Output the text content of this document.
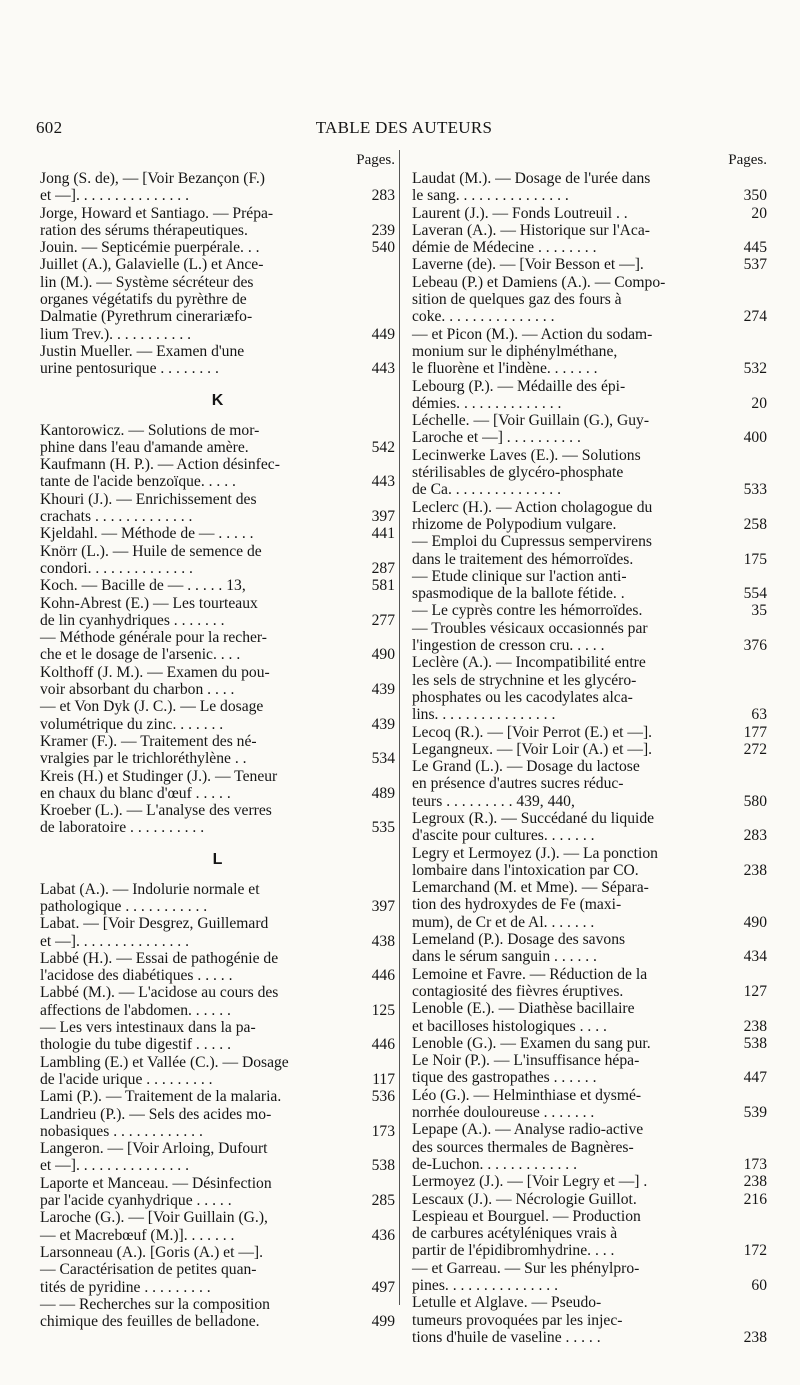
602	TABLE DES AUTEURS
Pages.
Jong (S. de), — [Voir Bezançon (F.)
283
et —]. . . . . . . . . . . . . . .
Jorge, Howard et Santiago. — Prépa-
239
ration des sérums thérapeutiques.
540
Jouin. — Septicémie puerpérale. . .
Juillet (A.), Galavielle (L.) et Ance-
lin (M.). — Système sécréteur des
organes végétatifs du pyrèthre de
Dalmatie (Pyrethrum cinerariæfo-
449
lium Trev.). . . . . . . . . . .
Justin Mueller. — Examen d'une
443
urine pentosurique . . . . . . . .
K
Kantorowicz. — Solutions de mor-
542
phine dans l'eau d'amande amère.
Kaufmann (H. P.). — Action désinfec-
443
tante de l'acide benzoïque. . . . .
Khouri (J.). — Enrichissement des
397
crachats . . . . . . . . . . . . .
441
Kjeldahl. — Méthode de — . . . . .
Knörr (L.). — Huile de semence de
287
condori. . . . . . . . . . . . . .
581
Koch. — Bacille de — . . . . . 13,
Kohn-Abrest (E.) — Les tourteaux
277
de lin cyanhydriques . . . . . . .
— Méthode générale pour la recher-
490
che et le dosage de l'arsenic. . . .
Kolthoff (J. M.). — Examen du pou-
439
voir absorbant du charbon . . . .
— et Von Dyk (J. C.). — Le dosage
439
volumétrique du zinc. . . . . . .
Kramer (F.). — Traitement des né-
534
vralgies par le trichloréthylène . .
Kreis (H.) et Studinger (J.). — Teneur
489
en chaux du blanc d'œuf . . . . .
Kroeber (L.). — L'analyse des verres
535
de laboratoire . . . . . . . . . .
L
Labat (A.). — Indolurie normale et
397
pathologique . . . . . . . . . . .
Labat. — [Voir Desgrez, Guillemard
438
et —]. . . . . . . . . . . . . . .
Labbé (H.). — Essai de pathogénie de
446
l'acidose des diabétiques . . . . .
Labbé (M.). — L'acidose au cours des
125
affections de l'abdomen. . . . . .
— Les vers intestinaux dans la pa-
446
thologie du tube digestif . . . . .
Lambling (E.) et Vallée (C.). — Dosage
117
de l'acide urique . . . . . . . . .
536
Lami (P.). — Traitement de la malaria.
Landrieu (P.). — Sels des acides mo-
173
nobasiques . . . . . . . . . . . .
Langeron. — [Voir Arloing, Dufourt
538
et —]. . . . . . . . . . . . . . .
Laporte et Manceau. — Désinfection
285
par l'acide cyanhydrique . . . . .
Laroche (G.). — [Voir Guillain (G.),
436
— et Macrebœuf (M.)]. . . . . . .
Larsonneau (A.). [Goris (A.) et —].
— Caractérisation de petites quan-
497
tités de pyridine . . . . . . . . .
— — Recherches sur la composition
499
chimique des feuilles de belladone.
Pages.
Laudat (M.). — Dosage de l'urée dans
350
le sang. . . . . . . . . . . . . . .
20
Laurent (J.). — Fonds Loutreuil . .
Laveran (A.). — Historique sur l'Aca-
445
démie de Médecine . . . . . . . .
537
Laverne (de). — [Voir Besson et —].
Lebeau (P.) et Damiens (A.). — Compo-
sition de quelques gaz des fours à
274
coke. . . . . . . . . . . . . . .
— et Picon (M.). — Action du sodam-
monium sur le diphénylméthane,
532
le fluorène et l'indène. . . . . . .
Lebourg (P.). — Médaille des épi-
20
démies. . . . . . . . . . . . . .
Léchelle. — [Voir Guillain (G.), Guy-
400
Laroche et —] . . . . . . . . . .
Lecinwerke Laves (E.). — Solutions
stérilisables de glycéro-phosphate
533
de Ca. . . . . . . . . . . . . . .
Leclerc (H.). — Action cholagogue du
258
rhizome de Polypodium vulgare.
— Emploi du Cupressus sempervirens
175
dans le traitement des hémorroïdes.
— Etude clinique sur l'action anti-
554
spasmodique de la ballote fétide. .
35
— Le cyprès contre les hémorroïdes.
— Troubles vésicaux occasionnés par
376
l'ingestion de cresson cru. . . . .
Leclère (A.). — Incompatibilité entre
les sels de strychnine et les glycéro-
phosphates ou les cacodylates alca-
63
lins. . . . . . . . . . . . . . . .
177
Lecoq (R.). — [Voir Perrot (E.) et —].
272
Legangneux. — [Voir Loir (A.) et —].
Le Grand (L.). — Dosage du lactose
en présence d'autres sucres réduc-
580
teurs . . . . . . . . . 439, 440,
Legroux (R.). — Succédané du liquide
283
d'ascite pour cultures. . . . . . .
Legry et Lermoyez (J.). — La ponction
238
lombaire dans l'intoxication par CO.
Lemarchand (M. et Mme). — Sépara-
tion des hydroxydes de Fe (maxi-
490
mum), de Cr et de Al. . . . . . .
Lemeland (P.). Dosage des savons
434
dans le sérum sanguin . . . . . .
Lemoine et Favre. — Réduction de la
127
contagiosité des fièvres éruptives.
Lenoble (E.). — Diathèse bacillaire
238
et bacilloses histologiques . . . .
538
Lenoble (G.). — Examen du sang pur.
Le Noir (P.). — L'insuffisance hépa-
447
tique des gastropathes . . . . . .
Léo (G.). — Helminthiase et dysmé-
539
norrhée douloureuse . . . . . . .
Lepape (A.). — Analyse radio-active
des sources thermales de Bagnères-
173
de-Luchon. . . . . . . . . . . . .
238
Lermoyez (J.). — [Voir Legry et —] .
216
Lescaux (J.). — Nécrologie Guillot.
Lespieau et Bourguel. — Production
de carbures acétyléniques vrais à
172
partir de l'épidibromhydrine. . . .
— et Garreau. — Sur les phénylpro-
60
pines. . . . . . . . . . . . . . .
Letulle et Alglave. — Pseudo-
tumeurs provoquées par les injec-
238
tions d'huile de vaseline . . . . .
